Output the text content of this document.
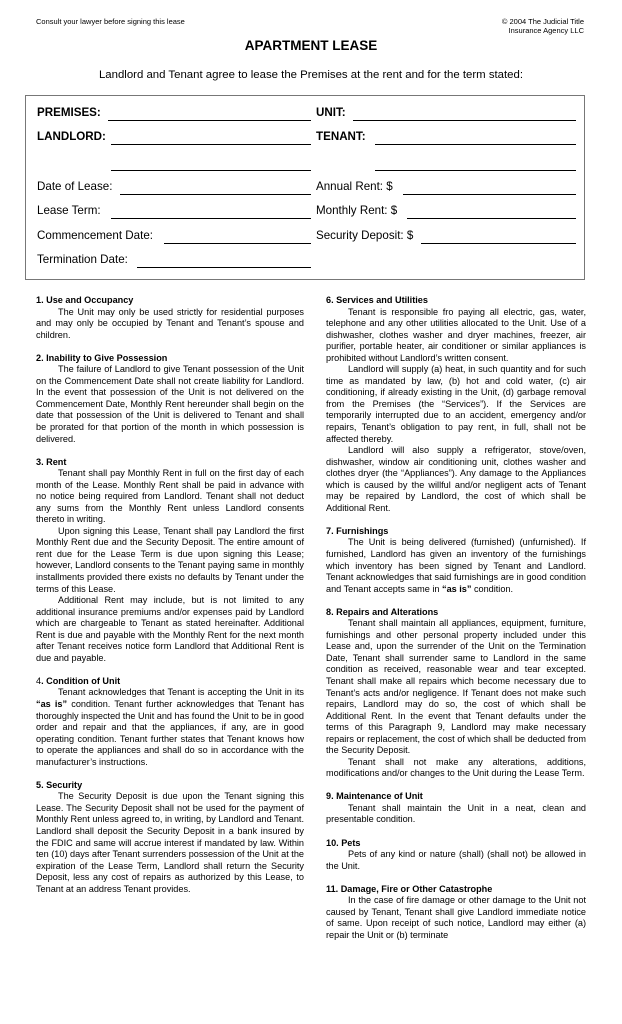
Consult your lawyer before signing this lease	© 2004 The Judicial Title
Insurance Agency LLC
APARTMENT LEASE
Landlord and Tenant agree to lease the Premises at the rent and for the term stated:
PREMISES:	UNIT:
LANDLORD:	TENANT:
Date of Lease:	Annual Rent: $
Lease Term:	Monthly Rent: $
Commencement Date:	Security Deposit: $
Termination Date:
1. Use and Occupancy

The Unit may only be used strictly for residential purposes and may only be occupied by Tenant and Tenant’s spouse and children.

2. Inability to Give Possession

The failure of Landlord to give Tenant possession of the Unit on the Commencement Date shall not create liability for Landlord. In the event that possession of the Unit is not delivered on the Commencement Date, Monthly Rent hereunder shall begin on the date that possession of the Unit is delivered to Tenant and shall be prorated for that portion of the month in which possession is delivered.

3. Rent

Tenant shall pay Monthly Rent in full on the first day of each month of the Lease. Monthly Rent shall be paid in advance with no notice being required from Landlord. Tenant shall not deduct any sums from the Monthly Rent unless Landlord consents thereto in writing.

Upon signing this Lease, Tenant shall pay Landlord the first Monthly Rent due and the Security Deposit. The entire amount of rent due for the Lease Term is due upon signing this Lease; however, Landlord consents to the Tenant paying same in monthly installments provided there exists no defaults by Tenant under the terms of this Lease.

Additional Rent may include, but is not limited to any additional insurance premiums and/or expenses paid by Landlord which are chargeable to Tenant as stated hereinafter. Additional Rent is due and payable with the Monthly Rent for the next month after Tenant receives notice form Landlord that Additional Rent is due and payable.

4. Condition of Unit

Tenant acknowledges that Tenant is accepting the Unit in its “as is” condition. Tenant further acknowledges that Tenant has thoroughly inspected the Unit and has found the Unit to be in good order and repair and that the appliances, if any, are in good operating condition. Tenant further states that Tenant knows how to operate the appliances and shall do so in accordance with the manufacturer’s instructions.

5. Security

The Security Deposit is due upon the Tenant signing this Lease. The Security Deposit shall not be used for the payment of Monthly Rent unless agreed to, in writing, by Landlord and Tenant. Landlord shall deposit the Security Deposit in a bank insured by the FDIC and same will accrue interest if mandated by law. Within ten (10) days after Tenant surrenders possession of the Unit at the expiration of the Lease Term, Landlord shall return the Security Deposit, less any cost of repairs as authorized by this Lease, to Tenant at an address Tenant provides.

6. Services and Utilities

Tenant is responsible fro paying all electric, gas, water, telephone and any other utilities allocated to the Unit. Use of a dishwasher, clothes washer and dryer machines, freezer, air purifier, portable heater, air conditioner or similar appliances is prohibited without Landlord’s written consent.

Landlord will supply (a) heat, in such quantity and for such time as mandated by law, (b) hot and cold water, (c) air conditioning, if already existing in the Unit, (d) garbage removal from the Premises (the “Services”). If the Services are temporarily interrupted due to an accident, emergency and/or repairs, Tenant’s obligation to pay rent, in full, shall not be affected thereby.

Landlord will also supply a refrigerator, stove/oven, dishwasher, window air conditioning unit, clothes washer and clothes dryer (the “Appliances”). Any damage to the Appliances which is caused by the willful and/or negligent acts of Tenant may be repaired by Landlord, the cost of which shall be Additional Rent.

7. Furnishings

The Unit is being delivered (furnished) (unfurnished). If furnished, Landlord has given an inventory of the furnishings which inventory has been signed by Tenant and Landlord. Tenant acknowledges that said furnishings are in good condition and Tenant accepts same in “as is” condition.

8. Repairs and Alterations

Tenant shall maintain all appliances, equipment, furniture, furnishings and other personal property included under this Lease and, upon the surrender of the Unit on the Termination Date, Tenant shall surrender same to Landlord in the same condition as received, reasonable wear and tear excepted. Tenant shall make all repairs which become necessary due to Tenant’s acts and/or negligence. If Tenant does not make such repairs, Landlord may do so, the cost of which shall be Additional Rent. In the event that Tenant defaults under the terms of this Paragraph 9, Landlord may make necessary repairs or replacement, the cost of which shall be deducted from the Security Deposit.

Tenant shall not make any alterations, additions, modifications and/or changes to the Unit during the Lease Term.

9. Maintenance of Unit

Tenant shall maintain the Unit in a neat, clean and presentable condition.

10. Pets

Pets of any kind or nature (shall) (shall not) be allowed in the Unit.

11. Damage, Fire or Other Catastrophe

In the case of fire damage or other damage to the Unit not caused by Tenant, Tenant shall give Landlord immediate notice of same. Upon receipt of such notice, Landlord may either (a) repair the Unit or (b) terminate
